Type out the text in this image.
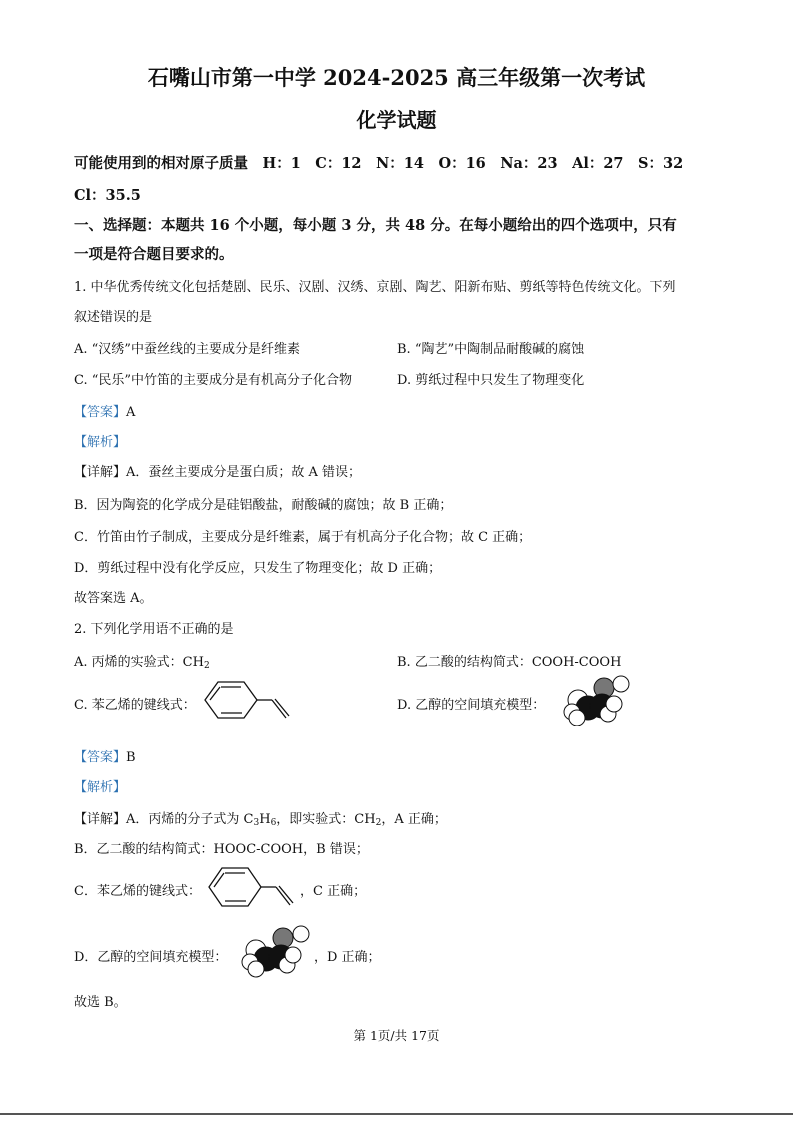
石嘴山市第一中学 2024-2025 高三年级第一次考试
化学试题
可能使用到的相对原子质量　H：1　C：12　N：14　O：16　Na：23　Al：27　S：32
Cl：35.5
一、选择题：本题共 16 个小题，每小题 3 分，共 48 分。在每小题给出的四个选项中，只有
一项是符合题目要求的。
1. 中华优秀传统文化包括楚剧、民乐、汉剧、汉绣、京剧、陶艺、阳新布贴、剪纸等特色传统文化。下列
叙述错误的是
A. “汉绣”中蚕丝线的主要成分是纤维素	B. “陶艺”中陶制品耐酸碱的腐蚀
C. “民乐”中竹笛的主要成分是有机高分子化合物	D. 剪纸过程中只发生了物理变化
【答案】A
【解析】
【详解】A．蚕丝主要成分是蛋白质；故 A 错误；
B．因为陶瓷的化学成分是硅铝酸盐，耐酸碱的腐蚀；故 B 正确；
C．竹笛由竹子制成，主要成分是纤维素，属于有机高分子化合物；故 C 正确；
D．剪纸过程中没有化学反应，只发生了物理变化；故 D 正确；
故答案选 A。
2. 下列化学用语不正确的是
A. 丙烯的实验式：$CH_2$	B. 乙二酸的结构简式：COOH-COOH
C. 苯乙烯的键线式：	D. 乙醇的空间填充模型：
【答案】B
【解析】
【详解】A．丙烯的分子式为 $C_3H_6$，即实验式：$CH_2$，A 正确；
B．乙二酸的结构简式：HOOC-COOH，B 错误；
C．苯乙烯的键线式：	，C 正确；
D．乙醇的空间填充模型：	，D 正确；
故选 B。
第 1页/共 17页
